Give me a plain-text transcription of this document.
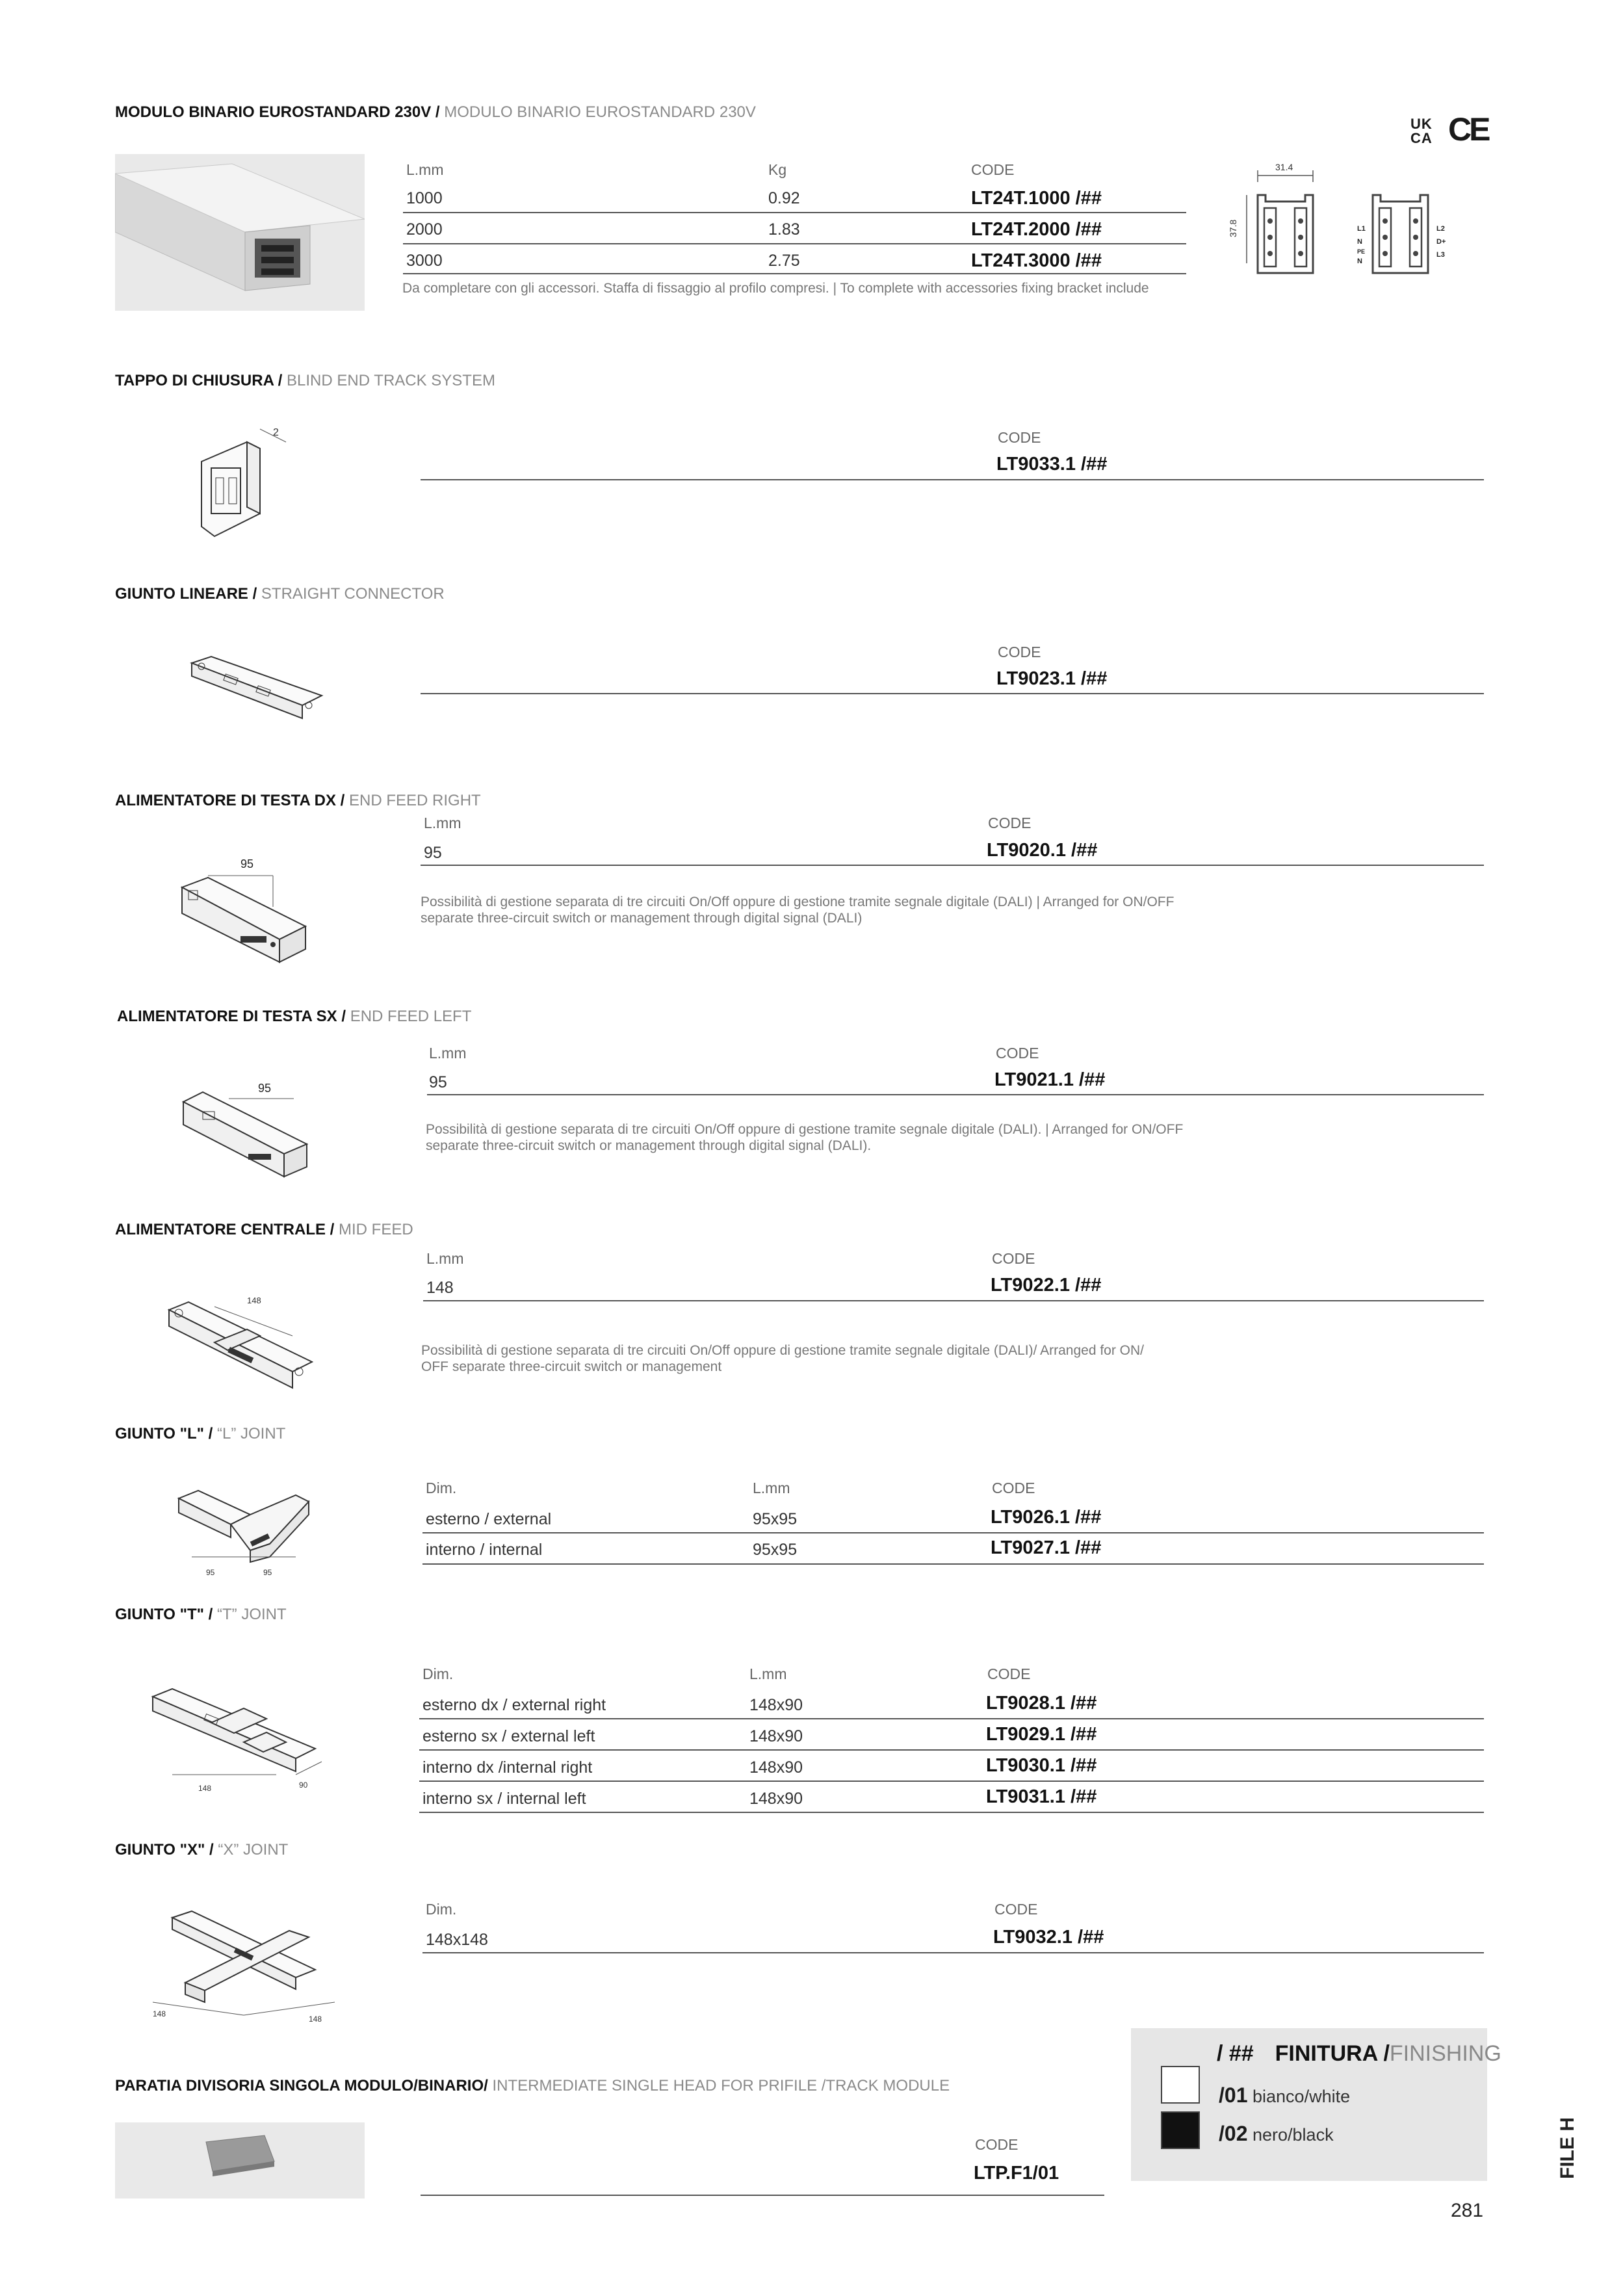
UK
CA CE
MODULO BINARIO EUROSTANDARD 230V / MODULO BINARIO EUROSTANDARD 230V
L.mm	Kg	CODE
1000	0.92	LT24T.1000 /##
2000	1.83	LT24T.2000 /##
3000	2.75	LT24T.3000 /##
Da completare con gli accessori. Staffa di fissaggio al profilo compresi. | To complete with accessories fixing bracket include
31.4
37.8	L1
N
PE
N
L2
D+
L3
TAPPO DI CHIUSURA / BLIND END TRACK SYSTEM
2	CODE
LT9033.1 /##
GIUNTO LINEARE / STRAIGHT CONNECTOR
CODE
LT9023.1 /##
ALIMENTATORE DI TESTA DX / END FEED RIGHT
95
L.mm	CODE
95	LT9020.1 /##
Possibilità di gestione separata di tre circuiti On/Off oppure di gestione tramite segnale digitale (DALI) | Arranged for ON/OFF
separate three-circuit switch or management through digital signal (DALI)
ALIMENTATORE DI TESTA SX / END FEED LEFT
95
L.mm	CODE
95	LT9021.1 /##
Possibilità di gestione separata di tre circuiti On/Off oppure di gestione tramite segnale digitale (DALI). | Arranged for ON/OFF
separate three-circuit switch or management through digital signal (DALI).
ALIMENTATORE CENTRALE / MID FEED
148
L.mm	CODE
148	LT9022.1 /##
Possibilità di gestione separata di tre circuiti On/Off oppure di gestione tramite segnale digitale (DALI)/ Arranged for ON/
OFF separate three-circuit switch or management
GIUNTO "L" / “L” JOINT
95	95
Dim.	L.mm	CODE
esterno / external	95x95	LT9026.1 /##
interno / internal	95x95	LT9027.1 /##
GIUNTO "T" / “T” JOINT
148	90
Dim.	L.mm	CODE
esterno dx / external right	148x90	LT9028.1 /##
esterno sx / external left	148x90	LT9029.1 /##
interno dx /internal right	148x90	LT9030.1 /##
interno sx / internal left	148x90	LT9031.1 /##
GIUNTO "X" / “X” JOINT
148
148
Dim.	CODE
148x148	LT9032.1 /##
PARATIA DIVISORIA SINGOLA MODULO/BINARIO/ INTERMEDIATE SINGLE HEAD FOR PRIFILE /TRACK MODULE
CODE
LTP.F1/01
/ ## FINITURA /FINISHING
/01 bianco/white
/02 nero/black
281
FILE H
